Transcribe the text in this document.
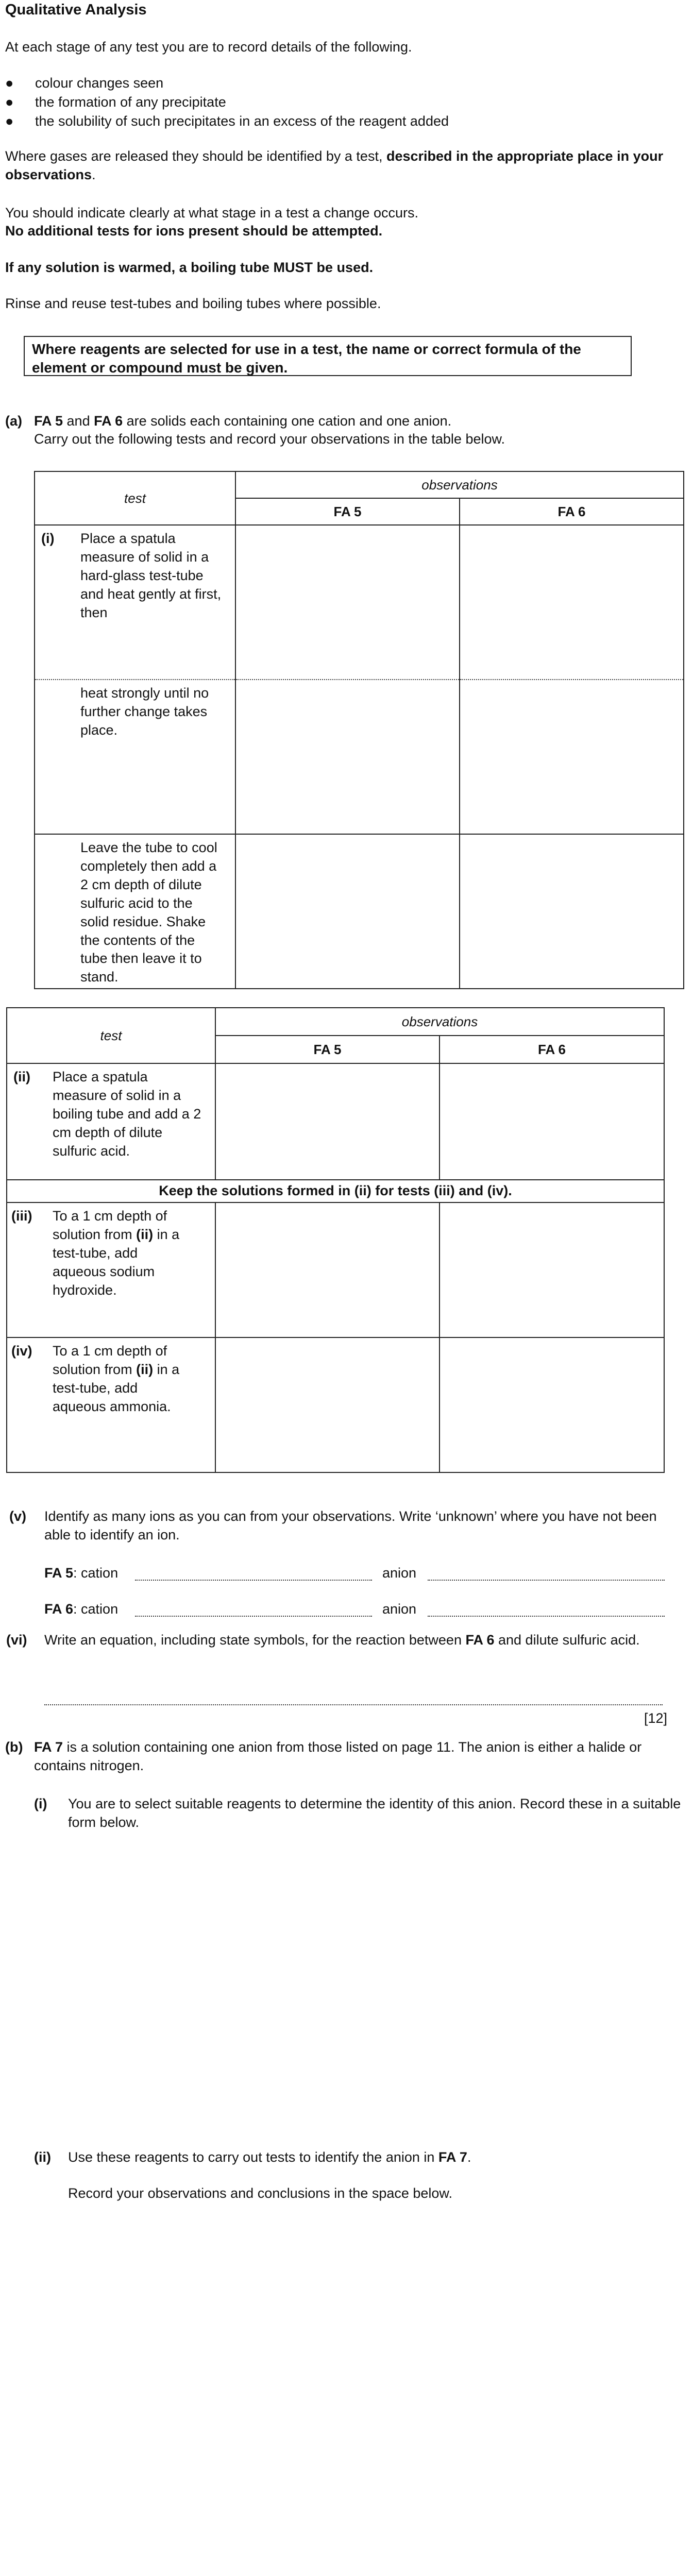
Qualitative Analysis
At each stage of any test you are to record details of the following.
● colour changes seen
● the formation of any precipitate
● the solubility of such precipitates in an excess of the reagent added
Where gases are released they should be identified by a test, described in the appropriate place in your observations.
You should indicate clearly at what stage in a test a change occurs.
No additional tests for ions present should be attempted.
If any solution is warmed, a boiling tube MUST be used.
Rinse and reuse test-tubes and boiling tubes where possible.
Where reagents are selected for use in a test, the name or correct formula of the element or compound must be given.
(a) FA 5 and FA 6 are solids each containing one cation and one anion.
Carry out the following tests and record your observations in the table below.
test	observations	
	FA 5	FA 6

(i) Place a spatula measure of solid in a hard-glass test-tube and heat gently at first, then		

heat strongly until no further change takes place.		

Leave the tube to cool completely then add a 2 cm depth of dilute sulfuric acid to the solid residue. Shake the contents of the tube then leave it to stand.		

test	observations	
	FA 5	FA 6

(ii) Place a spatula measure of solid in a boiling tube and add a 2 cm depth of dilute sulfuric acid.		

Keep the solutions formed in (ii) for tests (iii) and (iv).		

(iii) To a 1 cm depth of solution from (ii) in a test-tube, add aqueous sodium hydroxide.		

(iv) To a 1 cm depth of solution from (ii) in a test-tube, add aqueous ammonia.		

(v) Identify as many ions as you can from your observations. Write ‘unknown’ where you have not been able to identify an ion.
FA 5: cation	anion
FA 6: cation	anion
(vi) Write an equation, including state symbols, for the reaction between FA 6 and dilute sulfuric acid.
[12]
(b) FA 7 is a solution containing one anion from those listed on page 11. The anion is either a halide or contains nitrogen.
(i) You are to select suitable reagents to determine the identity of this anion. Record these in a suitable form below.
(ii) Use these reagents to carry out tests to identify the anion in FA 7.
Record your observations and conclusions in the space below.
